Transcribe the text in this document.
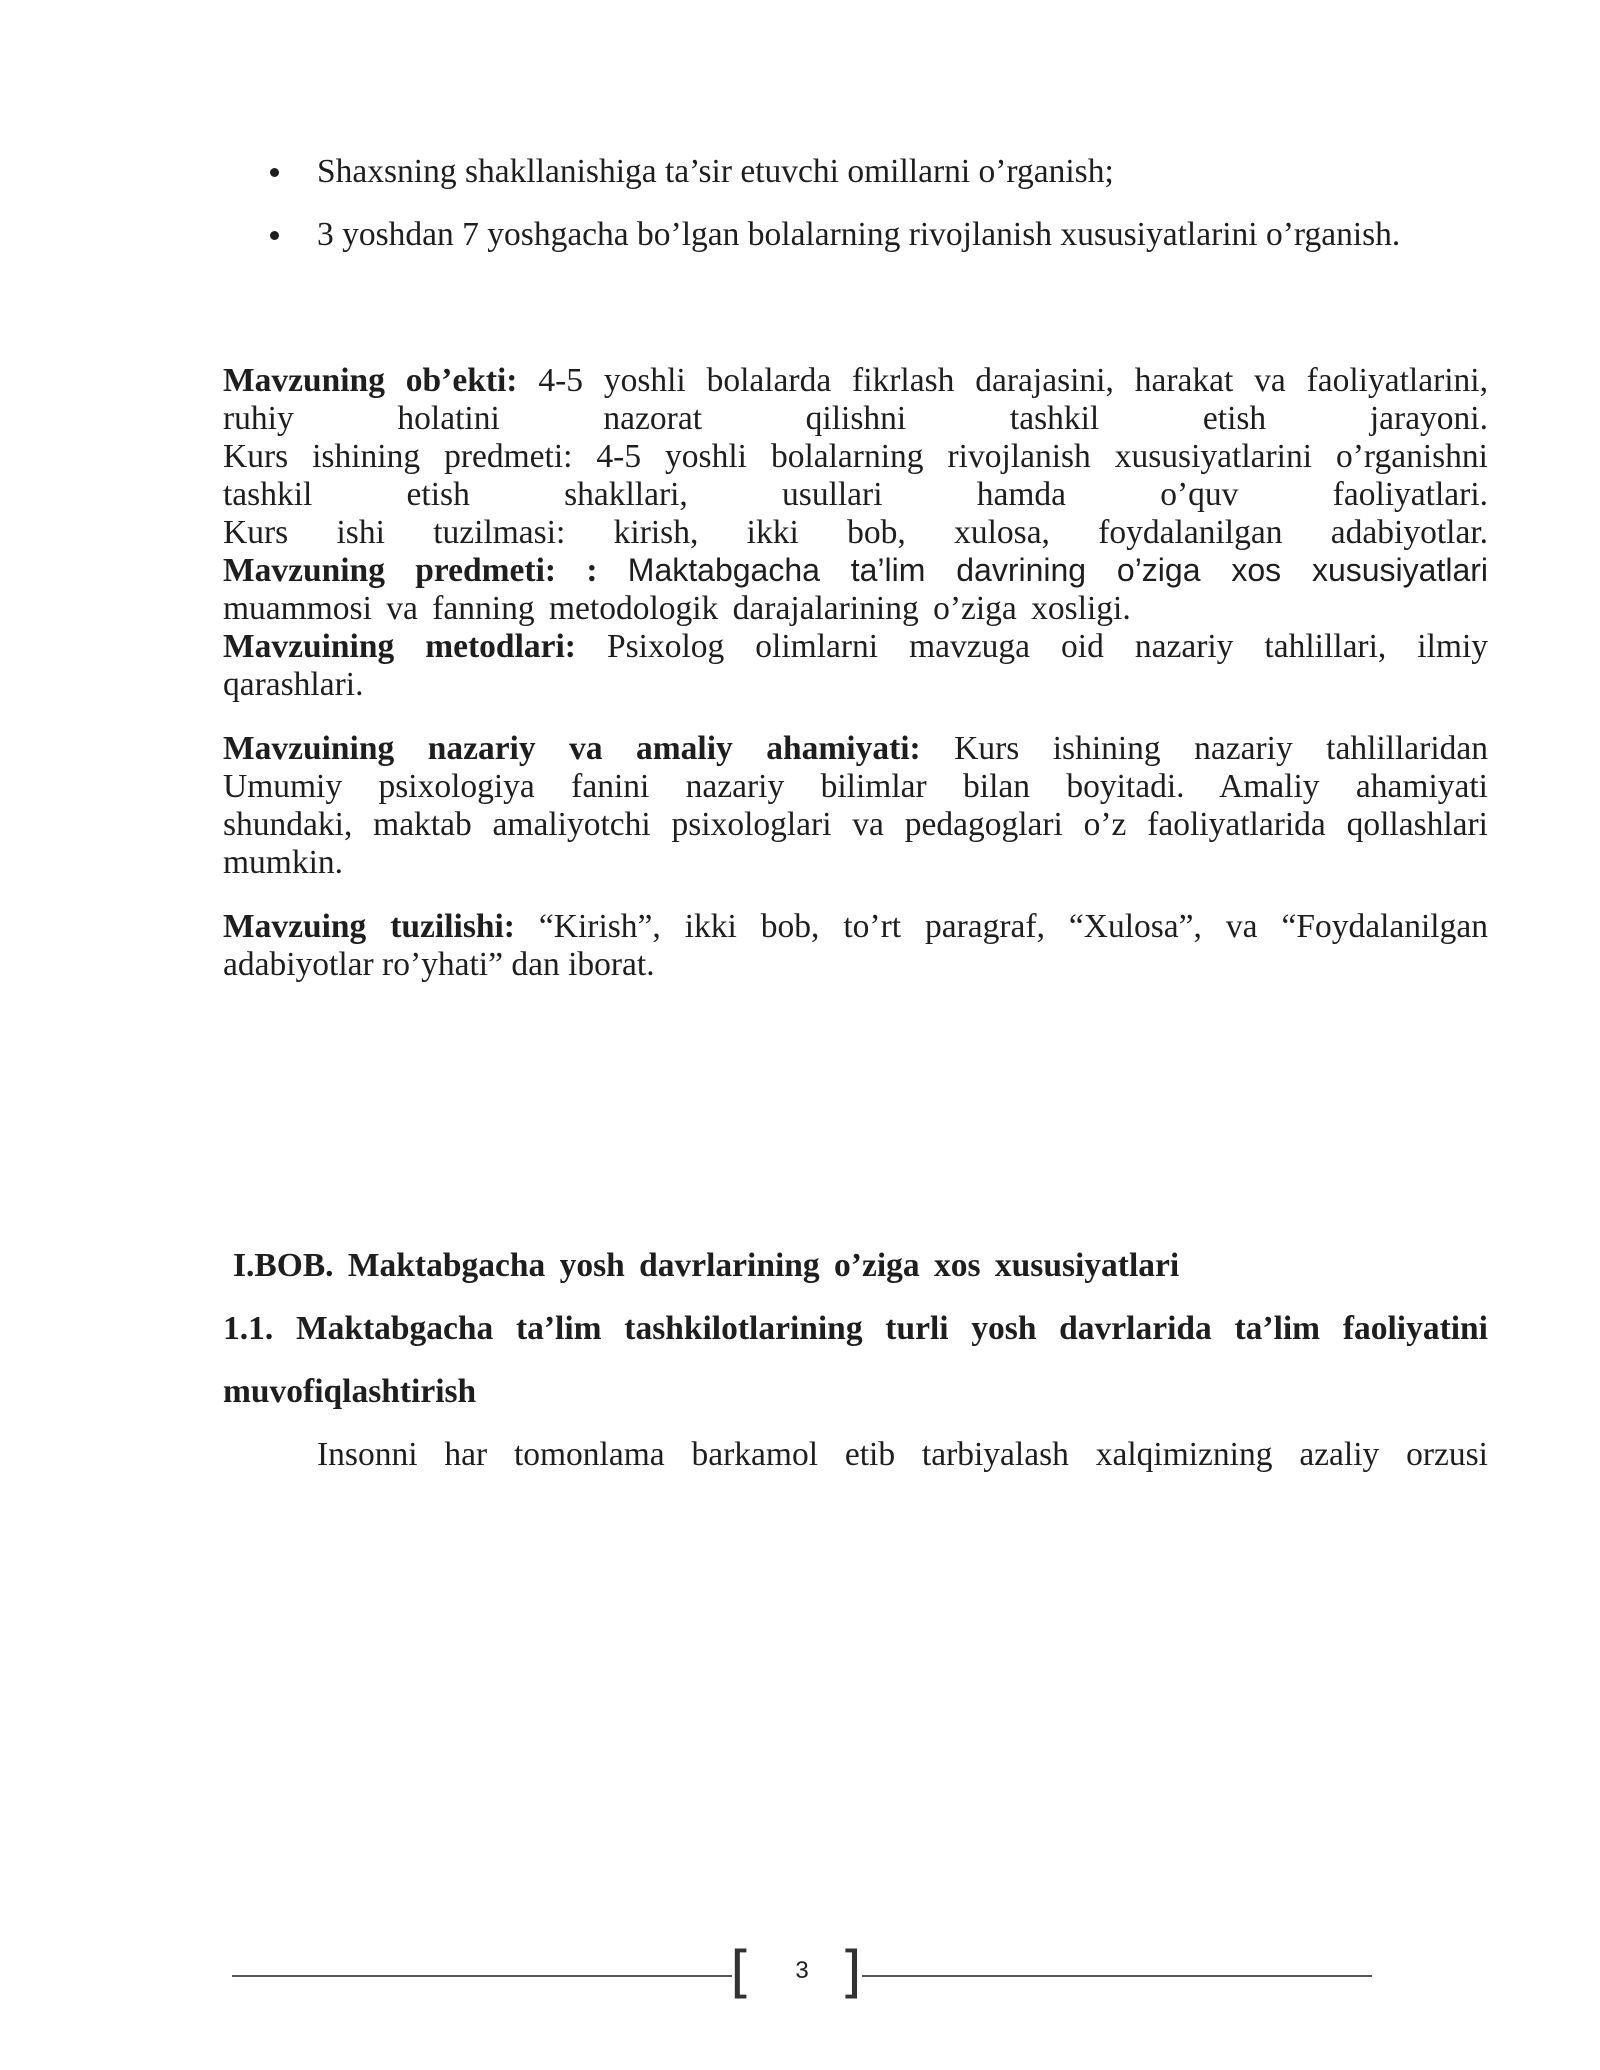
Shaxsning shakllanishiga ta’sir etuvchi omillarni o’rganish;
3 yoshdan 7 yoshgacha bo’lgan bolalarning rivojlanish xususiyatlarini o’rganish.
Mavzuning ob’ekti: 4-5 yoshli bolalarda fikrlash darajasini, harakat va faoliyatlarini,
ruhiy holatini nazorat qilishni tashkil etish jarayoni.
Kurs ishining predmeti: 4-5 yoshli bolalarning rivojlanish xususiyatlarini o’rganishni
tashkil etish shakllari, usullari hamda o’quv faoliyatlari.
Kurs ishi tuzilmasi: kirish, ikki bob, xulosa, foydalanilgan adabiyotlar.
Mavzuning predmeti: : Maktabgacha ta’lim davrining o’ziga xos xususiyatlari
muammosi va fanning metodologik darajalarining o’ziga xosligi.
Mavzuining metodlari: Psixolog olimlarni mavzuga oid nazariy tahlillari, ilmiy
qarashlari.
Mavzuining nazariy va amaliy ahamiyati: Kurs ishining nazariy tahlillaridan
Umumiy psixologiya fanini nazariy bilimlar bilan boyitadi. Amaliy ahamiyati
shundaki, maktab amaliyotchi psixologlari va pedagoglari o’z faoliyatlarida qollashlari
mumkin.
Mavzuing tuzilishi: “Kirish”, ikki bob, to’rt paragraf, “Xulosa”, va “Foydalanilgan
adabiyotlar ro’yhati” dan iborat.

I.BOB. Maktabgacha yosh davrlarining o’ziga xos xususiyatlari

1.1. Maktabgacha ta’lim tashkilotlarining turli yosh davrlarida ta’lim faoliyatini
muvofiqlashtirish
Insonni har tomonlama barkamol etib tarbiyalash xalqimizning azaliy orzusi
[	3 ]
